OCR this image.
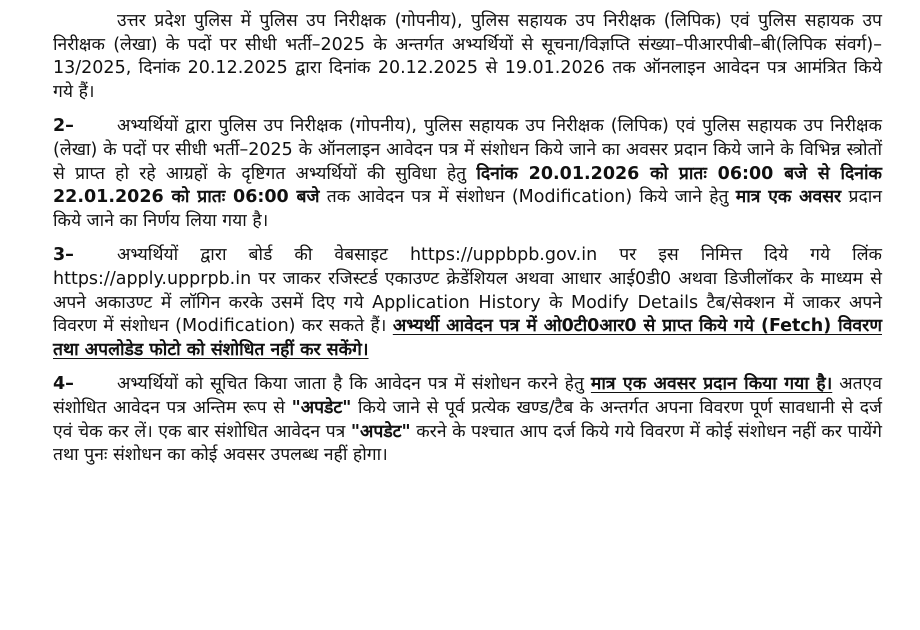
उत्तर प्रदेश पुलिस में पुलिस उप निरीक्षक (गोपनीय), पुलिस सहायक उप निरीक्षक (लिपिक) एवं पुलिस सहायक उप निरीक्षक (लेखा) के पदों पर सीधी भर्ती–2025 के अन्तर्गत अभ्यर्थियों से सूचना/विज्ञप्ति संख्या–पीआरपीबी–बी(लिपिक संवर्ग)–13/2025, दिनांक 20.12.2025 द्वारा दिनांक 20.12.2025 से 19.01.2026 तक ऑनलाइन आवेदन पत्र आमंत्रित किये गये हैं।

2– अभ्यर्थियों द्वारा पुलिस उप निरीक्षक (गोपनीय), पुलिस सहायक उप निरीक्षक (लिपिक) एवं पुलिस सहायक उप निरीक्षक (लेखा) के पदों पर सीधी भर्ती–2025 के ऑनलाइन आवेदन पत्र में संशोधन किये जाने का अवसर प्रदान किये जाने के विभिन्न स्त्रोतों से प्राप्त हो रहे आग्रहों के दृष्टिगत अभ्यर्थियों की सुविधा हेतु दिनांक 20.01.2026 को प्रातः 06:00 बजे से दिनांक 22.01.2026 को प्रातः 06:00 बजे तक आवेदन पत्र में संशोधन (Modification) किये जाने हेतु मात्र एक अवसर प्रदान किये जाने का निर्णय लिया गया है।

3– अभ्यर्थियों द्वारा बोर्ड की वेबसाइट https://uppbpb.gov.in पर इस निमित्त दिये गये लिंक https://apply.upprpb.in पर जाकर रजिस्टर्ड एकाउण्ट क्रेडेंशियल अथवा आधार आई0डी0 अथवा डिजीलॉकर के माध्यम से अपने अकाउण्ट में लॉगिन करके उसमें दिए गये Application History के Modify Details टैब/सेक्शन में जाकर अपने विवरण में संशोधन (Modification) कर सकते हैं। अभ्यर्थी आवेदन पत्र में ओ0टी0आर0 से प्राप्त किये गये (Fetch) विवरण तथा अपलोडेड फोटो को संशोधित नहीं कर सकेंगे।

4– अभ्यर्थियों को सूचित किया जाता है कि आवेदन पत्र में संशोधन करने हेतु मात्र एक अवसर प्रदान किया गया है। अतएव संशोधित आवेदन पत्र अन्तिम रूप से "अपडेट" किये जाने से पूर्व प्रत्येक खण्ड/टैब के अन्तर्गत अपना विवरण पूर्ण सावधानी से दर्ज एवं चेक कर लें। एक बार संशोधित आवेदन पत्र "अपडेट" करने के पश्चात आप दर्ज किये गये विवरण में कोई संशोधन नहीं कर पायेंगे तथा पुनः संशोधन का कोई अवसर उपलब्ध नहीं होगा।
